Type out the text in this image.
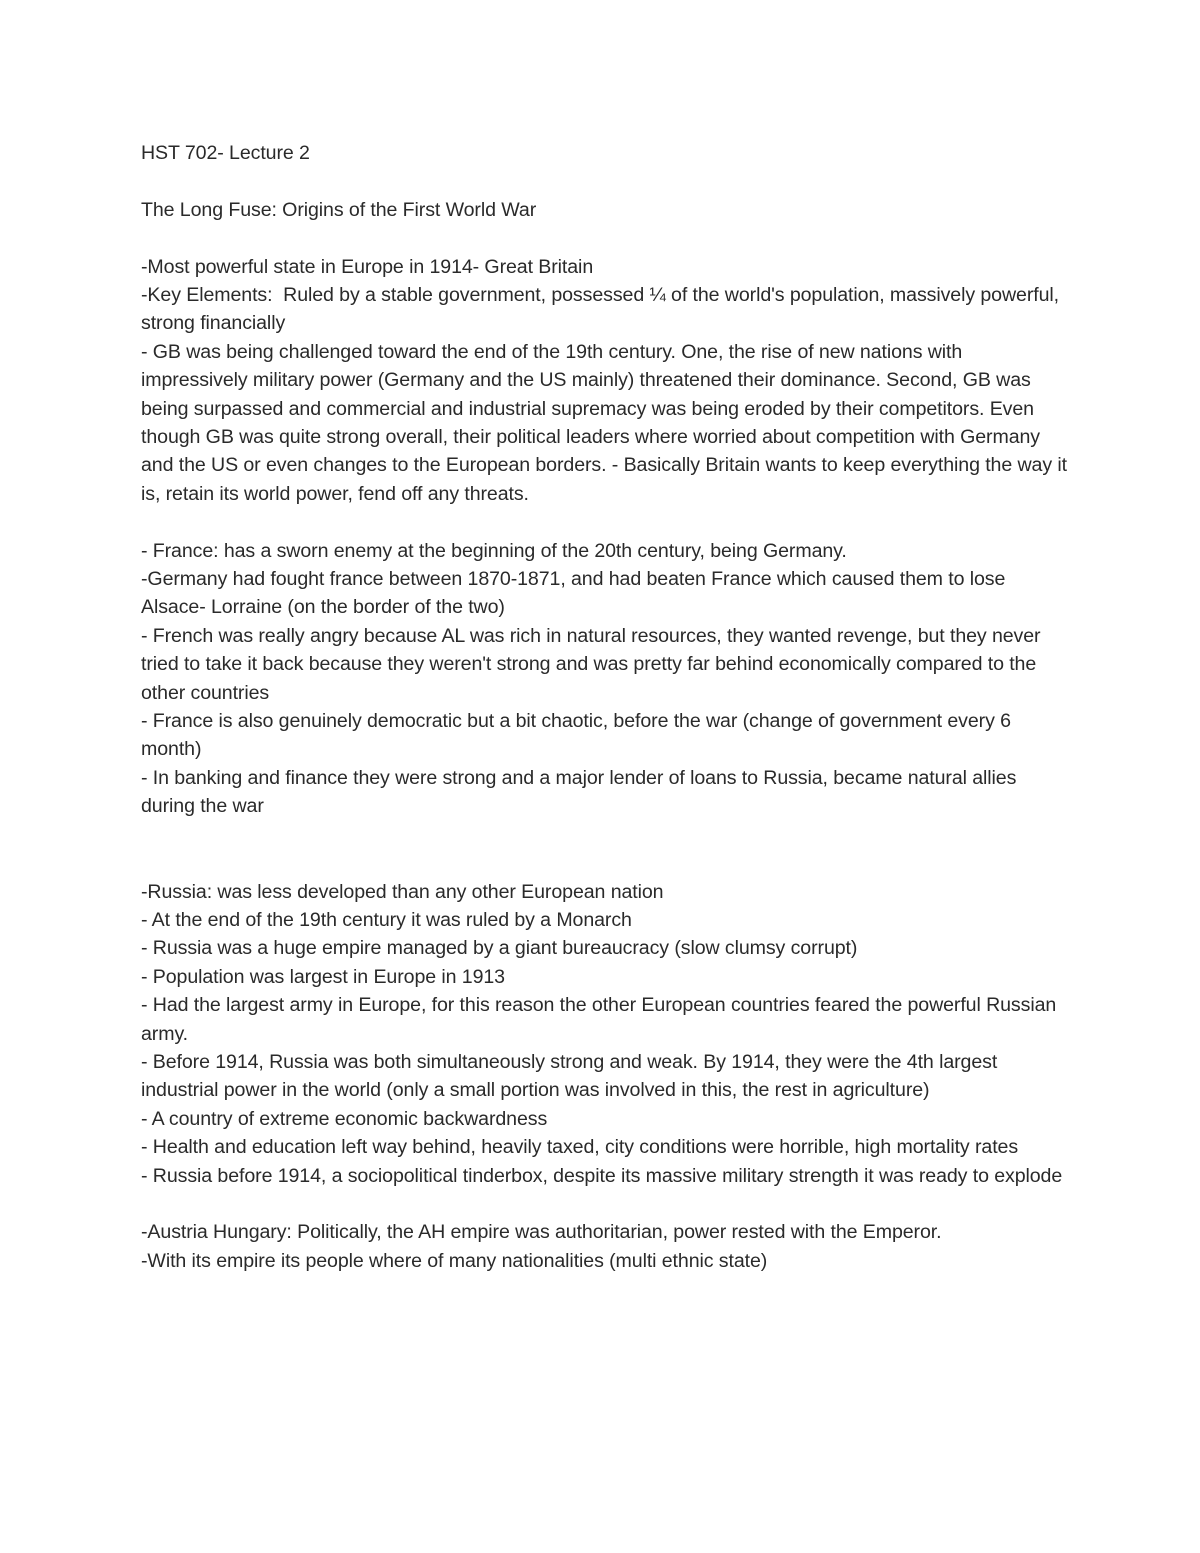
HST 702- Lecture 2

The Long Fuse: Origins of the First World War

-Most powerful state in Europe in 1914- Great Britain

-Key Elements:  Ruled by a stable government, possessed ¼ of the world's population, massively powerful, strong financially

- GB was being challenged toward the end of the 19th century. One, the rise of new nations with impressively military power (Germany and the US mainly) threatened their dominance. Second, GB was being surpassed and commercial and industrial supremacy was being eroded by their competitors. Even though GB was quite strong overall, their political leaders where worried about competition with Germany and the US or even changes to the European borders. - Basically Britain wants to keep everything the way it is, retain its world power, fend off any threats.

- France: has a sworn enemy at the beginning of the 20th century, being Germany.

-Germany had fought france between 1870-1871, and had beaten France which caused them to lose Alsace- Lorraine (on the border of the two)

- French was really angry because AL was rich in natural resources, they wanted revenge, but they never tried to take it back because they weren't strong and was pretty far behind economically compared to the other countries

- France is also genuinely democratic but a bit chaotic, before the war (change of government every 6 month)

- In banking and finance they were strong and a major lender of loans to Russia, became natural allies during the war

-Russia: was less developed than any other European nation

- At the end of the 19th century it was ruled by a Monarch

- Russia was a huge empire managed by a giant bureaucracy (slow clumsy corrupt)

- Population was largest in Europe in 1913

- Had the largest army in Europe, for this reason the other European countries feared the powerful Russian army.

- Before 1914, Russia was both simultaneously strong and weak. By 1914, they were the 4th largest industrial power in the world (only a small portion was involved in this, the rest in agriculture)

- A country of extreme economic backwardness

- Health and education left way behind, heavily taxed, city conditions were horrible, high mortality rates

- Russia before 1914, a sociopolitical tinderbox, despite its massive military strength it was ready to explode

-Austria Hungary: Politically, the AH empire was authoritarian, power rested with the Emperor.

-With its empire its people where of many nationalities (multi ethnic state)
